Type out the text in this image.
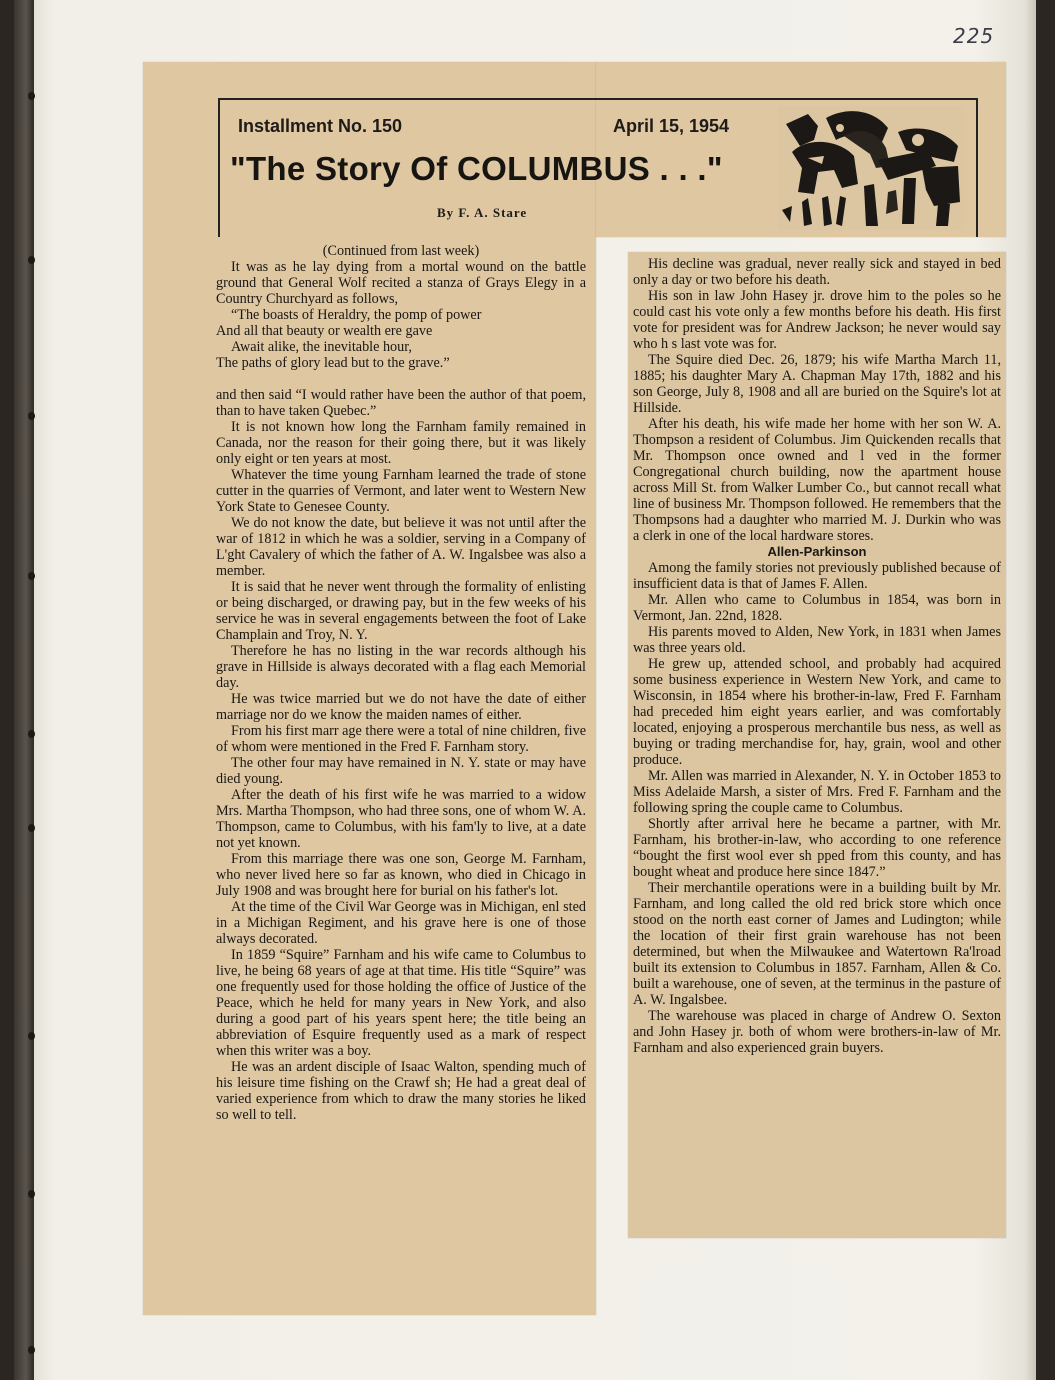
225
Installment No. 150	April 15, 1954
"The Story Of COLUMBUS . . ."
By F. A. Stare

(Continued from last week)

It was as he lay dying from a mortal wound on the battle ground that General Wolf recited a stanza of Grays Elegy in a Country Churchyard as follows,

“The boasts of Heraldry, the pomp of power

And all that beauty or wealth ere gave

Await alike, the inevitable hour,

The paths of glory lead but to the grave.”

and then said “I would rather have been the author of that poem, than to have taken Quebec.”

It is not known how long the Farnham family remained in Canada, nor the reason for their going there, but it was likely only eight or ten years at most.

Whatever the time young Farnham learned the trade of stone cutter in the quarries of Vermont, and later went to Western New York State to Genesee County.

We do not know the date, but believe it was not until after the war of 1812 in which he was a soldier, serving in a Company of L'ght Cavalery of which the father of A. W. Ingalsbee was also a member.

It is said that he never went through the formality of enlisting or being discharged, or drawing pay, but in the few weeks of his service he was in several engagements between the foot of Lake Champlain and Troy, N. Y.

Therefore he has no listing in the war records although his grave in Hillside is always decorated with a flag each Memorial day.

He was twice married but we do not have the date of either marriage nor do we know the maiden names of either.

From his first marr age there were a total of nine children, five of whom were mentioned in the Fred F. Farnham story.

The other four may have remained in N. Y. state or may have died young.

After the death of his first wife he was married to a widow Mrs. Martha Thompson, who had three sons, one of whom W. A. Thompson, came to Columbus, with his fam'ly to live, at a date not yet known.

From this marriage there was one son, George M. Farnham, who never lived here so far as known, who died in Chicago in July 1908 and was brought here for burial on his father's lot.

At the time of the Civil War George was in Michigan, enl sted in a Michigan Regiment, and his grave here is one of those always decorated.

In 1859 “Squire” Farnham and his wife came to Columbus to live, he being 68 years of age at that time. His title “Squire” was one frequently used for those holding the office of Justice of the Peace, which he held for many years in New York, and also during a good part of his years spent here; the title being an abbreviation of Esquire frequently used as a mark of respect when this writer was a boy.

He was an ardent disciple of Isaac Walton, spending much of his leisure time fishing on the Crawf sh; He had a great deal of varied experience from which to draw the many stories he liked so well to tell.

His decline was gradual, never really sick and stayed in bed only a day or two before his death.

His son in law John Hasey jr. drove him to the poles so he could cast his vote only a few months before his death. His first vote for president was for Andrew Jackson; he never would say who h s last vote was for.

The Squire died Dec. 26, 1879; his wife Martha March 11, 1885; his daughter Mary A. Chapman May 17th, 1882 and his son George, July 8, 1908 and all are buried on the Squire's lot at Hillside.

After his death, his wife made her home with her son W. A. Thompson a resident of Columbus. Jim Quickenden recalls that Mr. Thompson once owned and l ved in the former Congregational church building, now the apartment house across Mill St. from Walker Lumber Co., but cannot recall what line of business Mr. Thompson followed. He remembers that the Thompsons had a daughter who married M. J. Durkin who was a clerk in one of the local hardware stores.

Allen-Parkinson

Among the family stories not previously published because of insufficient data is that of James F. Allen.

Mr. Allen who came to Columbus in 1854, was born in Vermont, Jan. 22nd, 1828.

His parents moved to Alden, New York, in 1831 when James was three years old.

He grew up, attended school, and probably had acquired some business experience in Western New York, and came to Wisconsin, in 1854 where his brother-in-law, Fred F. Farnham had preceded him eight years earlier, and was comfortably located, enjoying a prosperous merchantile bus ness, as well as buying or trading merchandise for, hay, grain, wool and other produce.

Mr. Allen was married in Alexander, N. Y. in October 1853 to Miss Adelaide Marsh, a sister of Mrs. Fred F. Farnham and the following spring the couple came to Columbus.

Shortly after arrival here he became a partner, with Mr. Farnham, his brother-in-law, who according to one reference “bought the first wool ever sh pped from this county, and has bought wheat and produce here since 1847.”

Their merchantile operations were in a building built by Mr. Farnham, and long called the old red brick store which once stood on the north east corner of James and Ludington; while the location of their first grain warehouse has not been determined, but when the Milwaukee and Watertown Ra'lroad built its extension to Columbus in 1857. Farnham, Allen & Co. built a warehouse, one of seven, at the terminus in the pasture of A. W. Ingalsbee.

The warehouse was placed in charge of Andrew O. Sexton and John Hasey jr. both of whom were brothers-in-law of Mr. Farnham and also experienced grain buyers.
